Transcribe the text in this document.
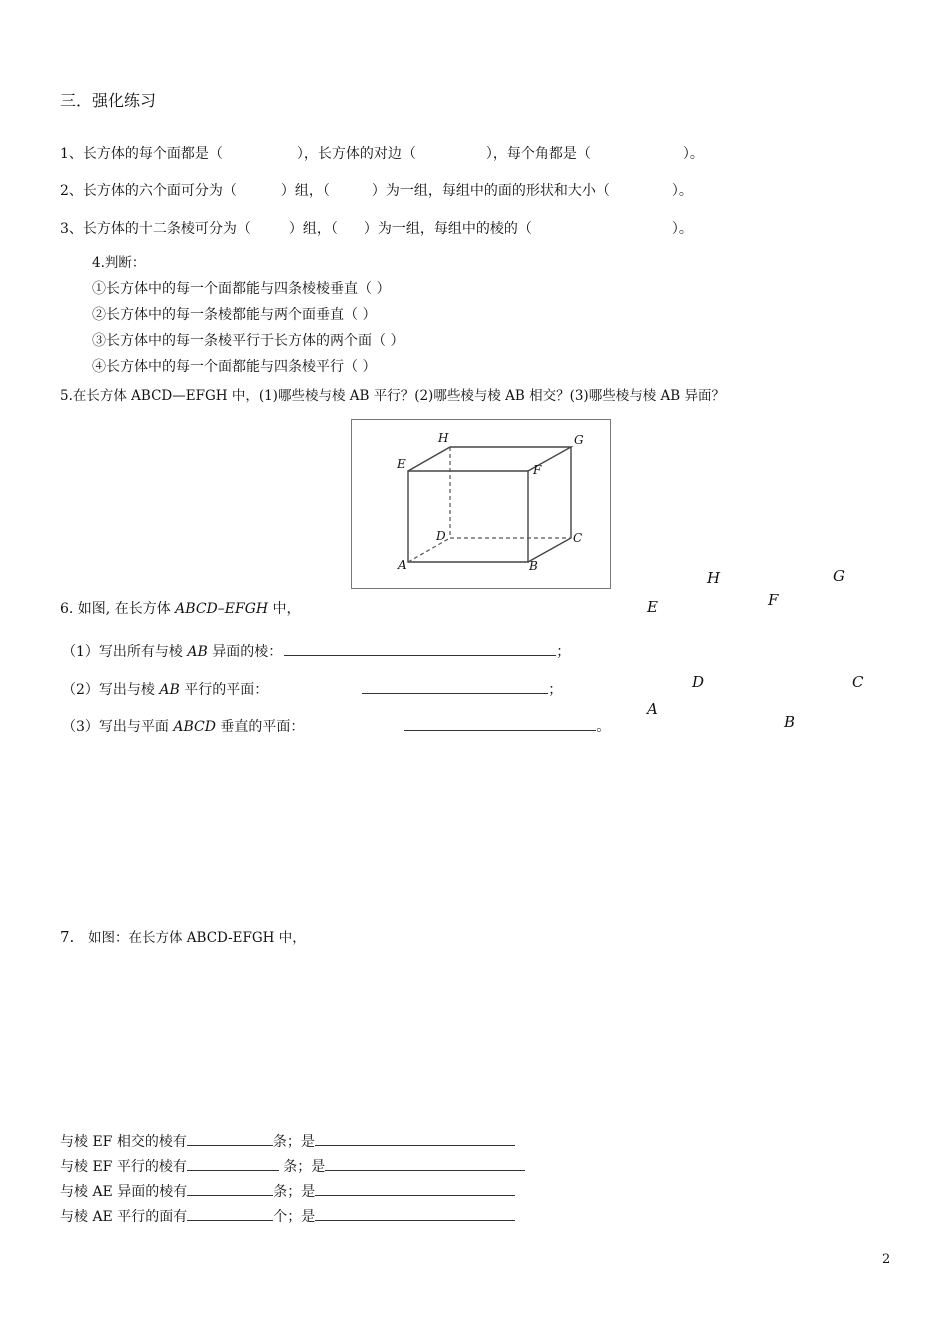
三．强化练习
1、长方体的每个面都是（	），长方体的对边（	），每个角都是（	）。
2、长方体的六个面可分为（	）组，（	）为一组，每组中的面的形状和大小（	）。
3、长方体的十二条棱可分为（	）组，（ ）为一组，每组中的棱的（	）。
4.判断：
①长方体中的每一个面都能与四条棱棱垂直（ ）
②长方体中的每一条棱都能与两个面垂直（ ）
③长方体中的每一条棱平行于长方体的两个面（ ）
④长方体中的每一个面都能与四条棱平行（ ）
5.在长方体 ABCD—EFGH 中，(1)哪些棱与棱 AB 平行？(2)哪些棱与棱 AB 相交？(3)哪些棱与棱 AB 异面？
H	G
E	F
D	C
A	B
6. 如图, 在长方体 ABCD–EFGH 中，
（1）写出所有与棱 AB 异面的棱：	；
（2）写出与棱 AB 平行的平面：	；
（3）写出与平面 ABCD 垂直的平面：	。
H	G
E	F
D	C
A
B
7. 如图：在长方体 ABCD-EFGH 中，
与棱 EF 相交的棱有	条；是
与棱 EF 平行的棱有	条；是
与棱 AE 异面的棱有	条；是
与棱 AE 平行的面有	个；是
2
